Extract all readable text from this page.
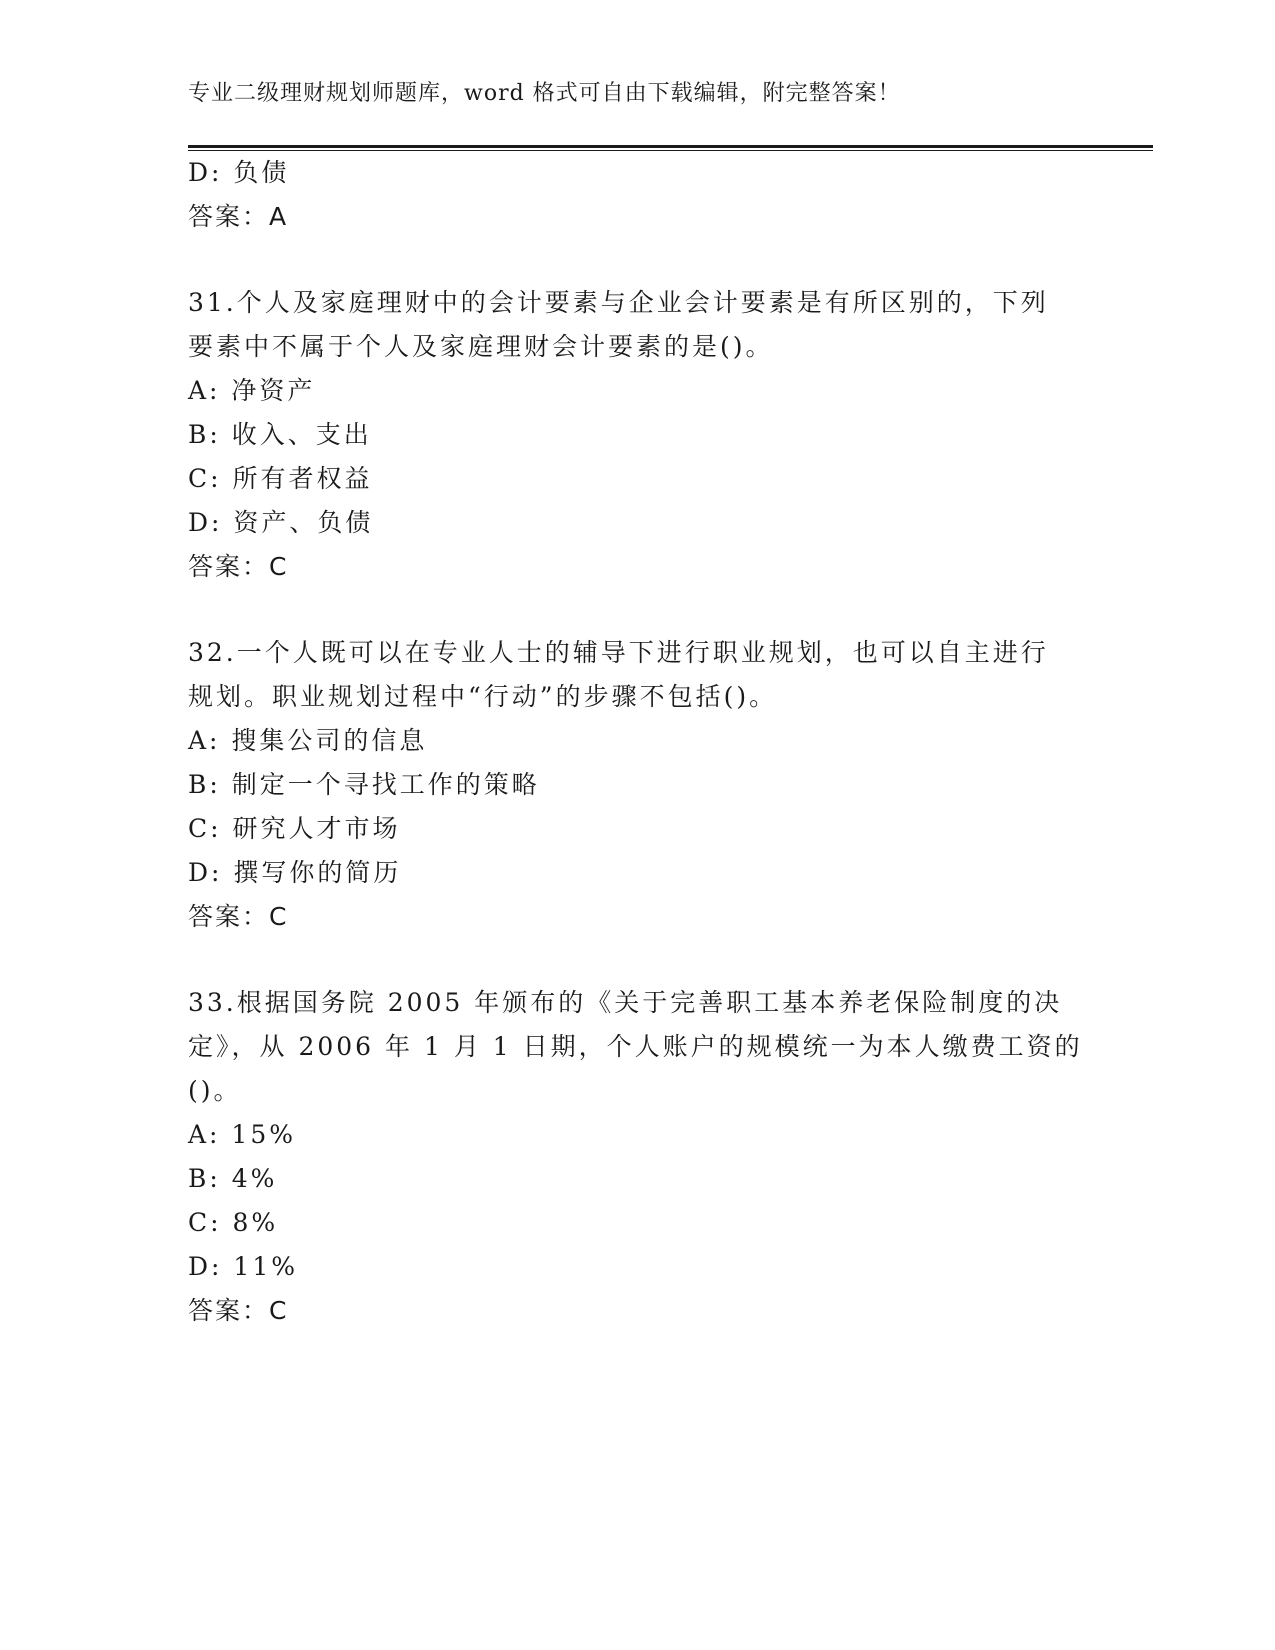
专业二级理财规划师题库，word 格式可自由下载编辑，附完整答案！
D: 负债
答案：A
31.个人及家庭理财中的会计要素与企业会计要素是有所区别的，下列
要素中不属于个人及家庭理财会计要素的是()。
A: 净资产
B: 收入、支出
C: 所有者权益
D: 资产、负债
答案：C
32.一个人既可以在专业人士的辅导下进行职业规划，也可以自主进行
规划。职业规划过程中“行动”的步骤不包括()。
A: 搜集公司的信息
B: 制定一个寻找工作的策略
C: 研究人才市场
D: 撰写你的简历
答案：C
33.根据国务院 2005 年颁布的《关于完善职工基本养老保险制度的决
定》，从 2006 年 1 月 1 日期，个人账户的规模统一为本人缴费工资的
()。
A: 15%
B: 4%
C: 8%
D: 11%
答案：C
